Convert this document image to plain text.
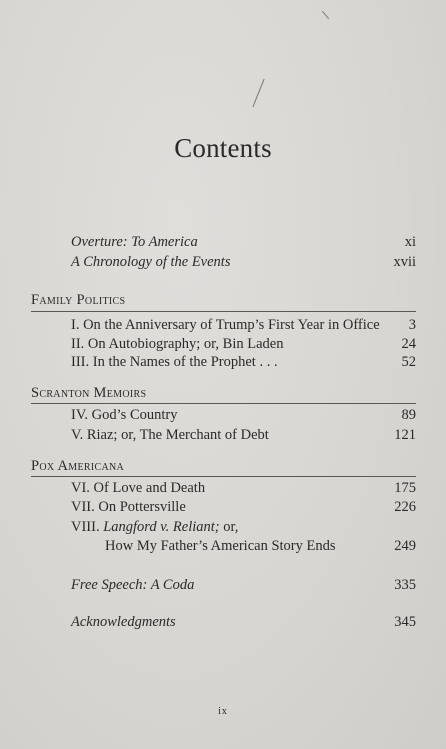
Contents
Overture: To America	xi
A Chronology of the Events	xvii
Family Politics
I. On the Anniversary of Trump’s First Year in Office 3
II. On Autobiography; or, Bin Laden	24
III. In the Names of the Prophet . . .	52
Scranton Memoirs
IV. God’s Country	89
V. Riaz; or, The Merchant of Debt	121
Pox Americana
VI. Of Love and Death	175
VII. On Pottersville	226
VIII. Langford v. Reliant; or,
How My Father’s American Story Ends	249
Free Speech: A Coda	335
Acknowledgments	345
ix
